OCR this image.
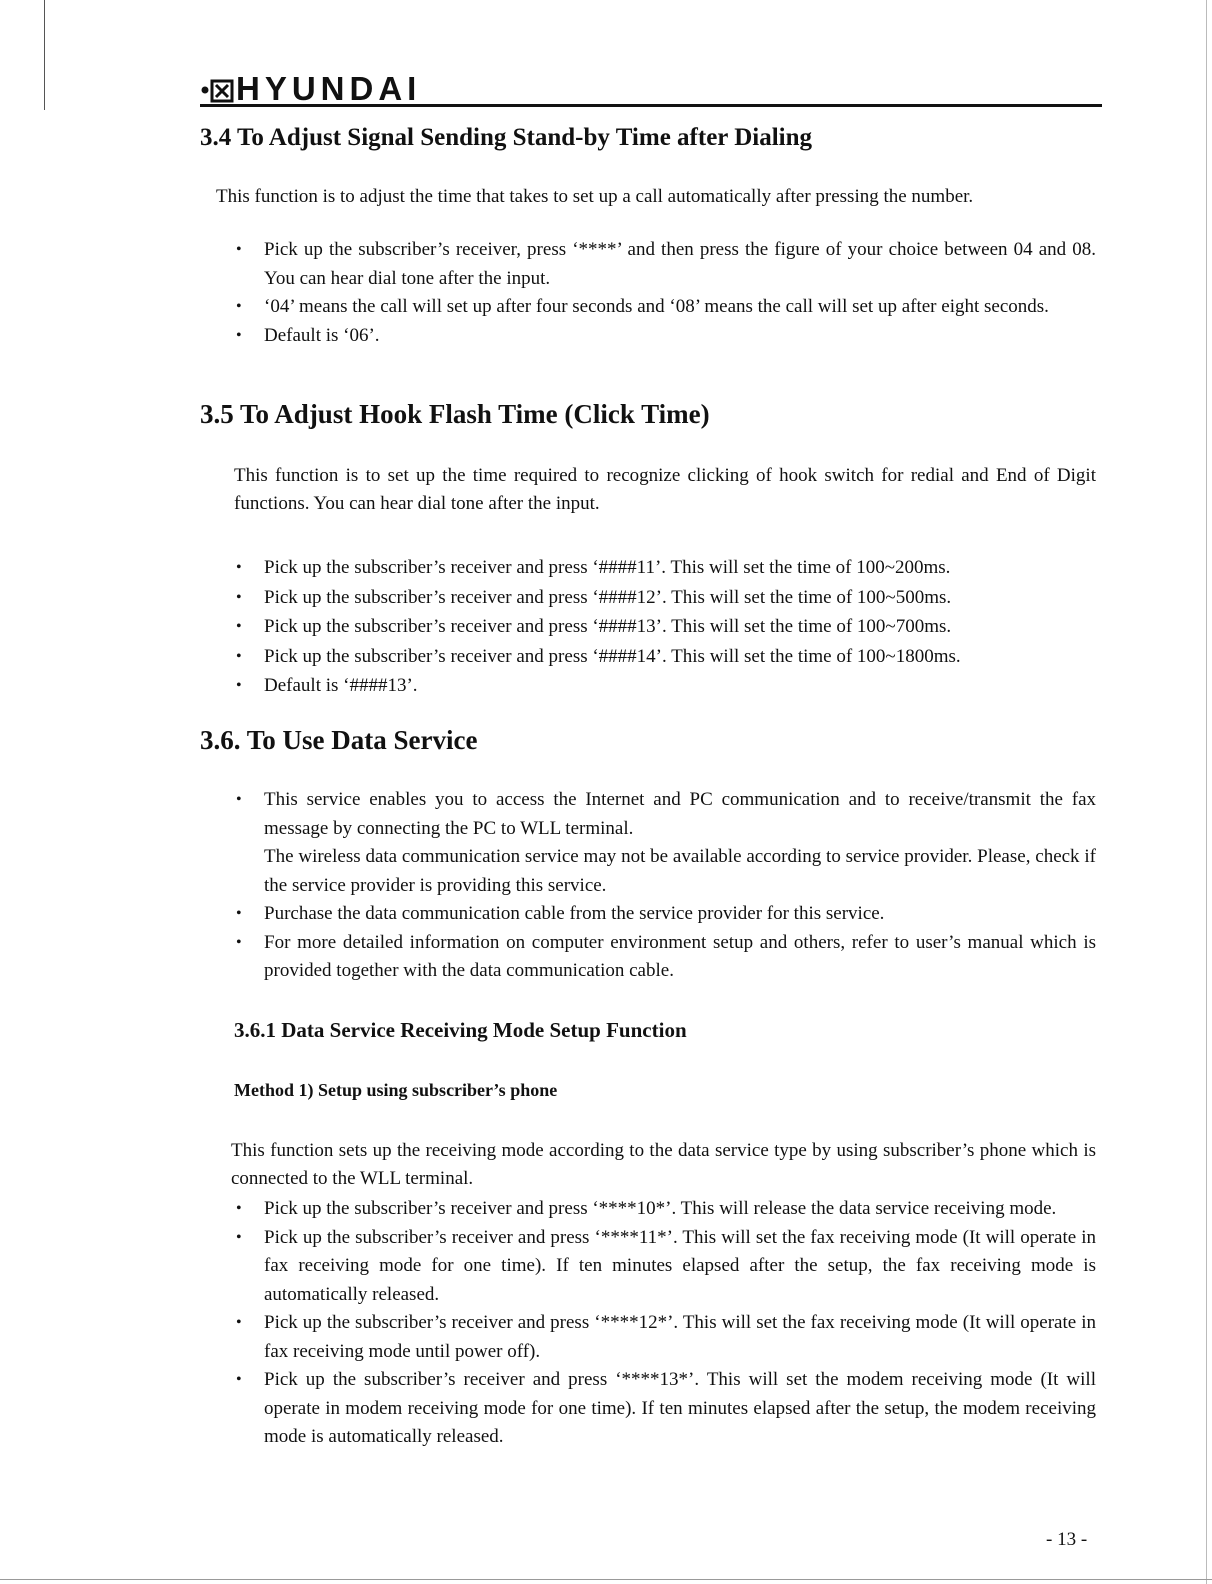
HYUNDAI
3.4 To Adjust Signal Sending Stand-by Time after Dialing

This function is to adjust the time that takes to set up a call automatically after pressing the number.

• Pick up the subscriber’s receiver, press ‘****’ and then press the figure of your choice between 04 and 08. You can hear dial tone after the input.
• ‘04’ means the call will set up after four seconds and ‘08’ means the call will set up after eight seconds.
• Default is ‘06’.
3.5 To Adjust Hook Flash Time (Click Time)

This function is to set up the time required to recognize clicking of hook switch for redial and End of Digit functions. You can hear dial tone after the input.

• Pick up the subscriber’s receiver and press ‘####11’. This will set the time of 100~200ms.
• Pick up the subscriber’s receiver and press ‘####12’. This will set the time of 100~500ms.
• Pick up the subscriber’s receiver and press ‘####13’. This will set the time of 100~700ms.
• Pick up the subscriber’s receiver and press ‘####14’. This will set the time of 100~1800ms.
• Default is ‘####13’.
3.6. To Use Data Service
• This service enables you to access the Internet and PC communication and to receive/transmit the fax message by connecting the PC to WLL terminal.
The wireless data communication service may not be available according to service provider. Please, check if the service provider is providing this service.
• Purchase the data communication cable from the service provider for this service.
• For more detailed information on computer environment setup and others, refer to user’s manual which is provided together with the data communication cable.
3.6.1 Data Service Receiving Mode Setup Function
Method 1) Setup using subscriber’s phone

This function sets up the receiving mode according to the data service type by using subscriber’s phone which is connected to the WLL terminal.

• Pick up the subscriber’s receiver and press ‘****10*’. This will release the data service receiving mode.
• Pick up the subscriber’s receiver and press ‘****11*’. This will set the fax receiving mode (It will operate in fax receiving mode for one time). If ten minutes elapsed after the setup, the fax receiving mode is automatically released.
• Pick up the subscriber’s receiver and press ‘****12*’. This will set the fax receiving mode (It will operate in fax receiving mode until power off).
• Pick up the subscriber’s receiver and press ‘****13*’. This will set the modem receiving mode (It will operate in modem receiving mode for one time). If ten minutes elapsed after the setup, the modem receiving mode is automatically released.
- 13 -
